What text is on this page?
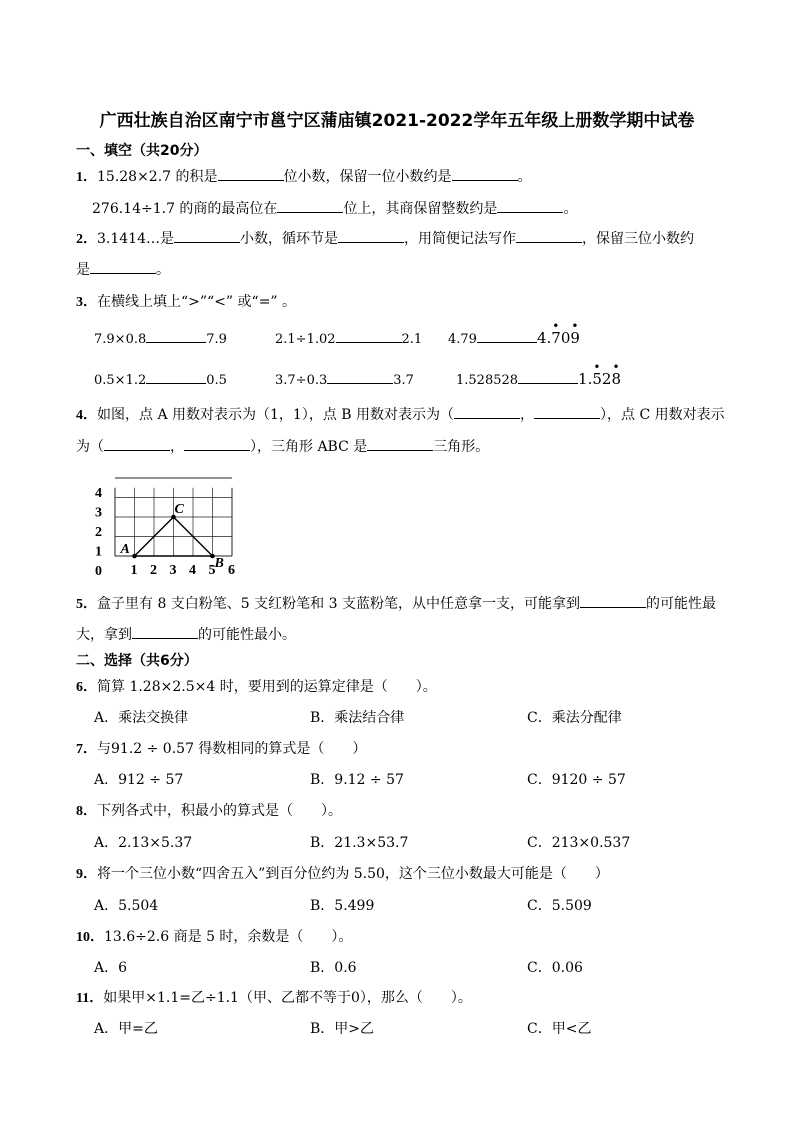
广西壮族自治区南宁市邕宁区蒲庙镇2021-2022学年五年级上册数学期中试卷
一、填空（共20分）
1．15.28×2.7 的积是	位小数，保留一位小数约是	。
276.14÷1.7 的商的最高位在	位上，其商保留整数约是	。
2．3.1414…是	小数，循环节是	，用简便记法写作	，保留三位小数约
是	。
3．在横线上填上“>”“<” 或“=” 。
7.9×0.8	7.9	2.1÷1.02	2.1 4.79	4.
•
70
•
9
0.5×1.2	0.5	3.7÷0.3	3.7	1.528528	1.
•
52
•
8
4．如图，点 A 用数对表示为（1，1），点 B 用数对表示为（	，	），点 C 用数对表示
为（	，	），三角形 ABC 是	三角形。
1 2 3 4 5 6
0
1
2
3
4
A
B
C
5．盒子里有 8 支白粉笔、5 支红粉笔和 3 支蓝粉笔，从中任意拿一支，可能拿到	的可能性最
大，拿到	的可能性最小。
二、选择（共6分）
6．简算 1.28×2.5×4 时，要用到的运算定律是（　　）。
A．乘法交换律	B．乘法结合律	C．乘法分配律
7．与91.2 ÷ 0.57 得数相同的算式是（　　）
A．912 ÷ 57	B．9.12 ÷ 57	C．9120 ÷ 57
8．下列各式中，积最小的算式是（　　）。
A．2.13×5.37	B．21.3×53.7	C．213×0.537
9．将一个三位小数“四舍五入”到百分位约为 5.50，这个三位小数最大可能是（　　）
A．5.504	B．5.499	C．5.509
10．13.6÷2.6 商是 5 时，余数是（　　）。
A．6	B．0.6	C．0.06
11．如果甲×1.1=乙÷1.1（甲、乙都不等于0），那么（　　）。
A．甲=乙	B．甲>乙	C．甲<乙
